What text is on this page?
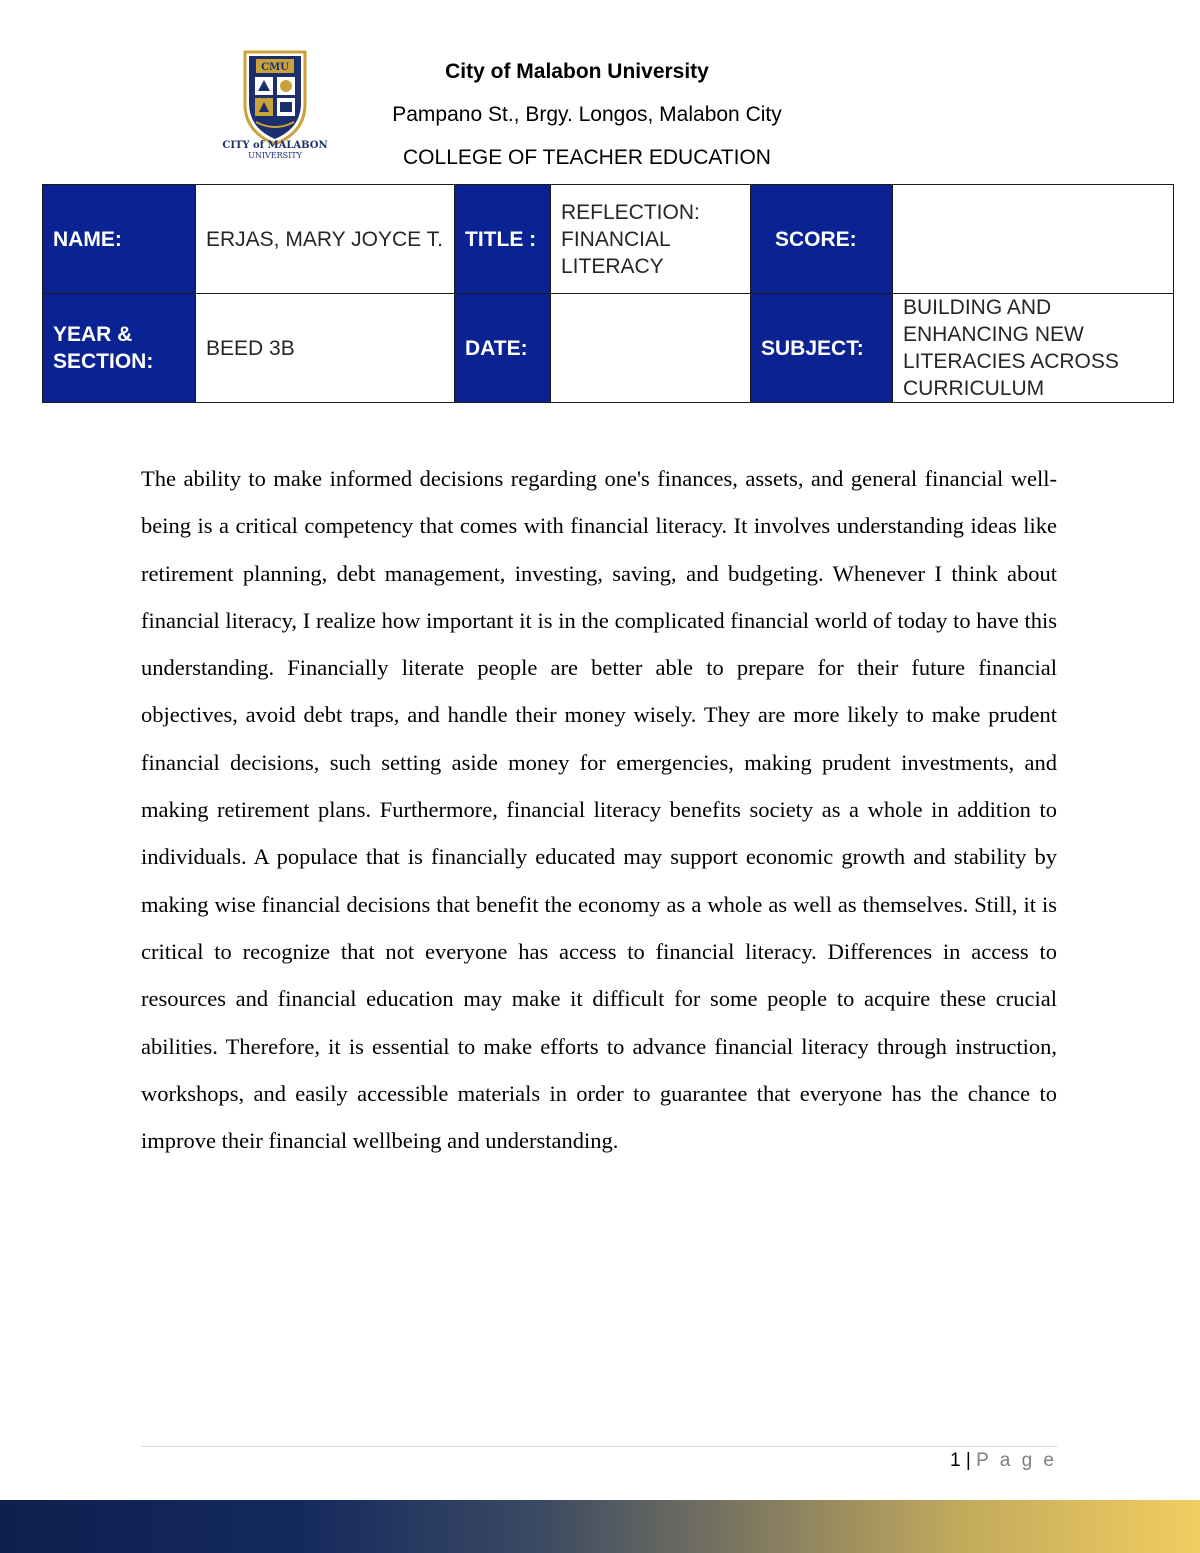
CMU
CITY of MALABON
UNIVERSITY
City of Malabon University
Pampano St., Brgy. Longos, Malabon City
COLLEGE OF TEACHER EDUCATION
NAME:	ERJAS, MARY JOYCE T.	TITLE :	REFLECTION: FINANCIAL LITERACY	SCORE:	
YEAR & SECTION:	BEED 3B	DATE:		SUBJECT:	BUILDING AND ENHANCING NEW LITERACIES ACROSS CURRICULUM
The ability to make informed decisions regarding one's finances, assets, and general financial well-being is a critical competency that comes with financial literacy. It involves understanding ideas like retirement planning, debt management, investing, saving, and budgeting. Whenever I think about financial literacy, I realize how important it is in the complicated financial world of today to have this understanding. Financially literate people are better able to prepare for their future financial objectives, avoid debt traps, and handle their money wisely. They are more likely to make prudent financial decisions, such setting aside money for emergencies, making prudent investments, and making retirement plans. Furthermore, financial literacy benefits society as a whole in addition to individuals. A populace that is financially educated may support economic growth and stability by making wise financial decisions that benefit the economy as a whole as well as themselves. Still, it is critical to recognize that not everyone has access to financial literacy. Differences in access to resources and financial education may make it difficult for some people to acquire these crucial abilities. Therefore, it is essential to make efforts to advance financial literacy through instruction, workshops, and easily accessible materials in order to guarantee that everyone has the chance to improve their financial wellbeing and understanding.
1 | P a g e
